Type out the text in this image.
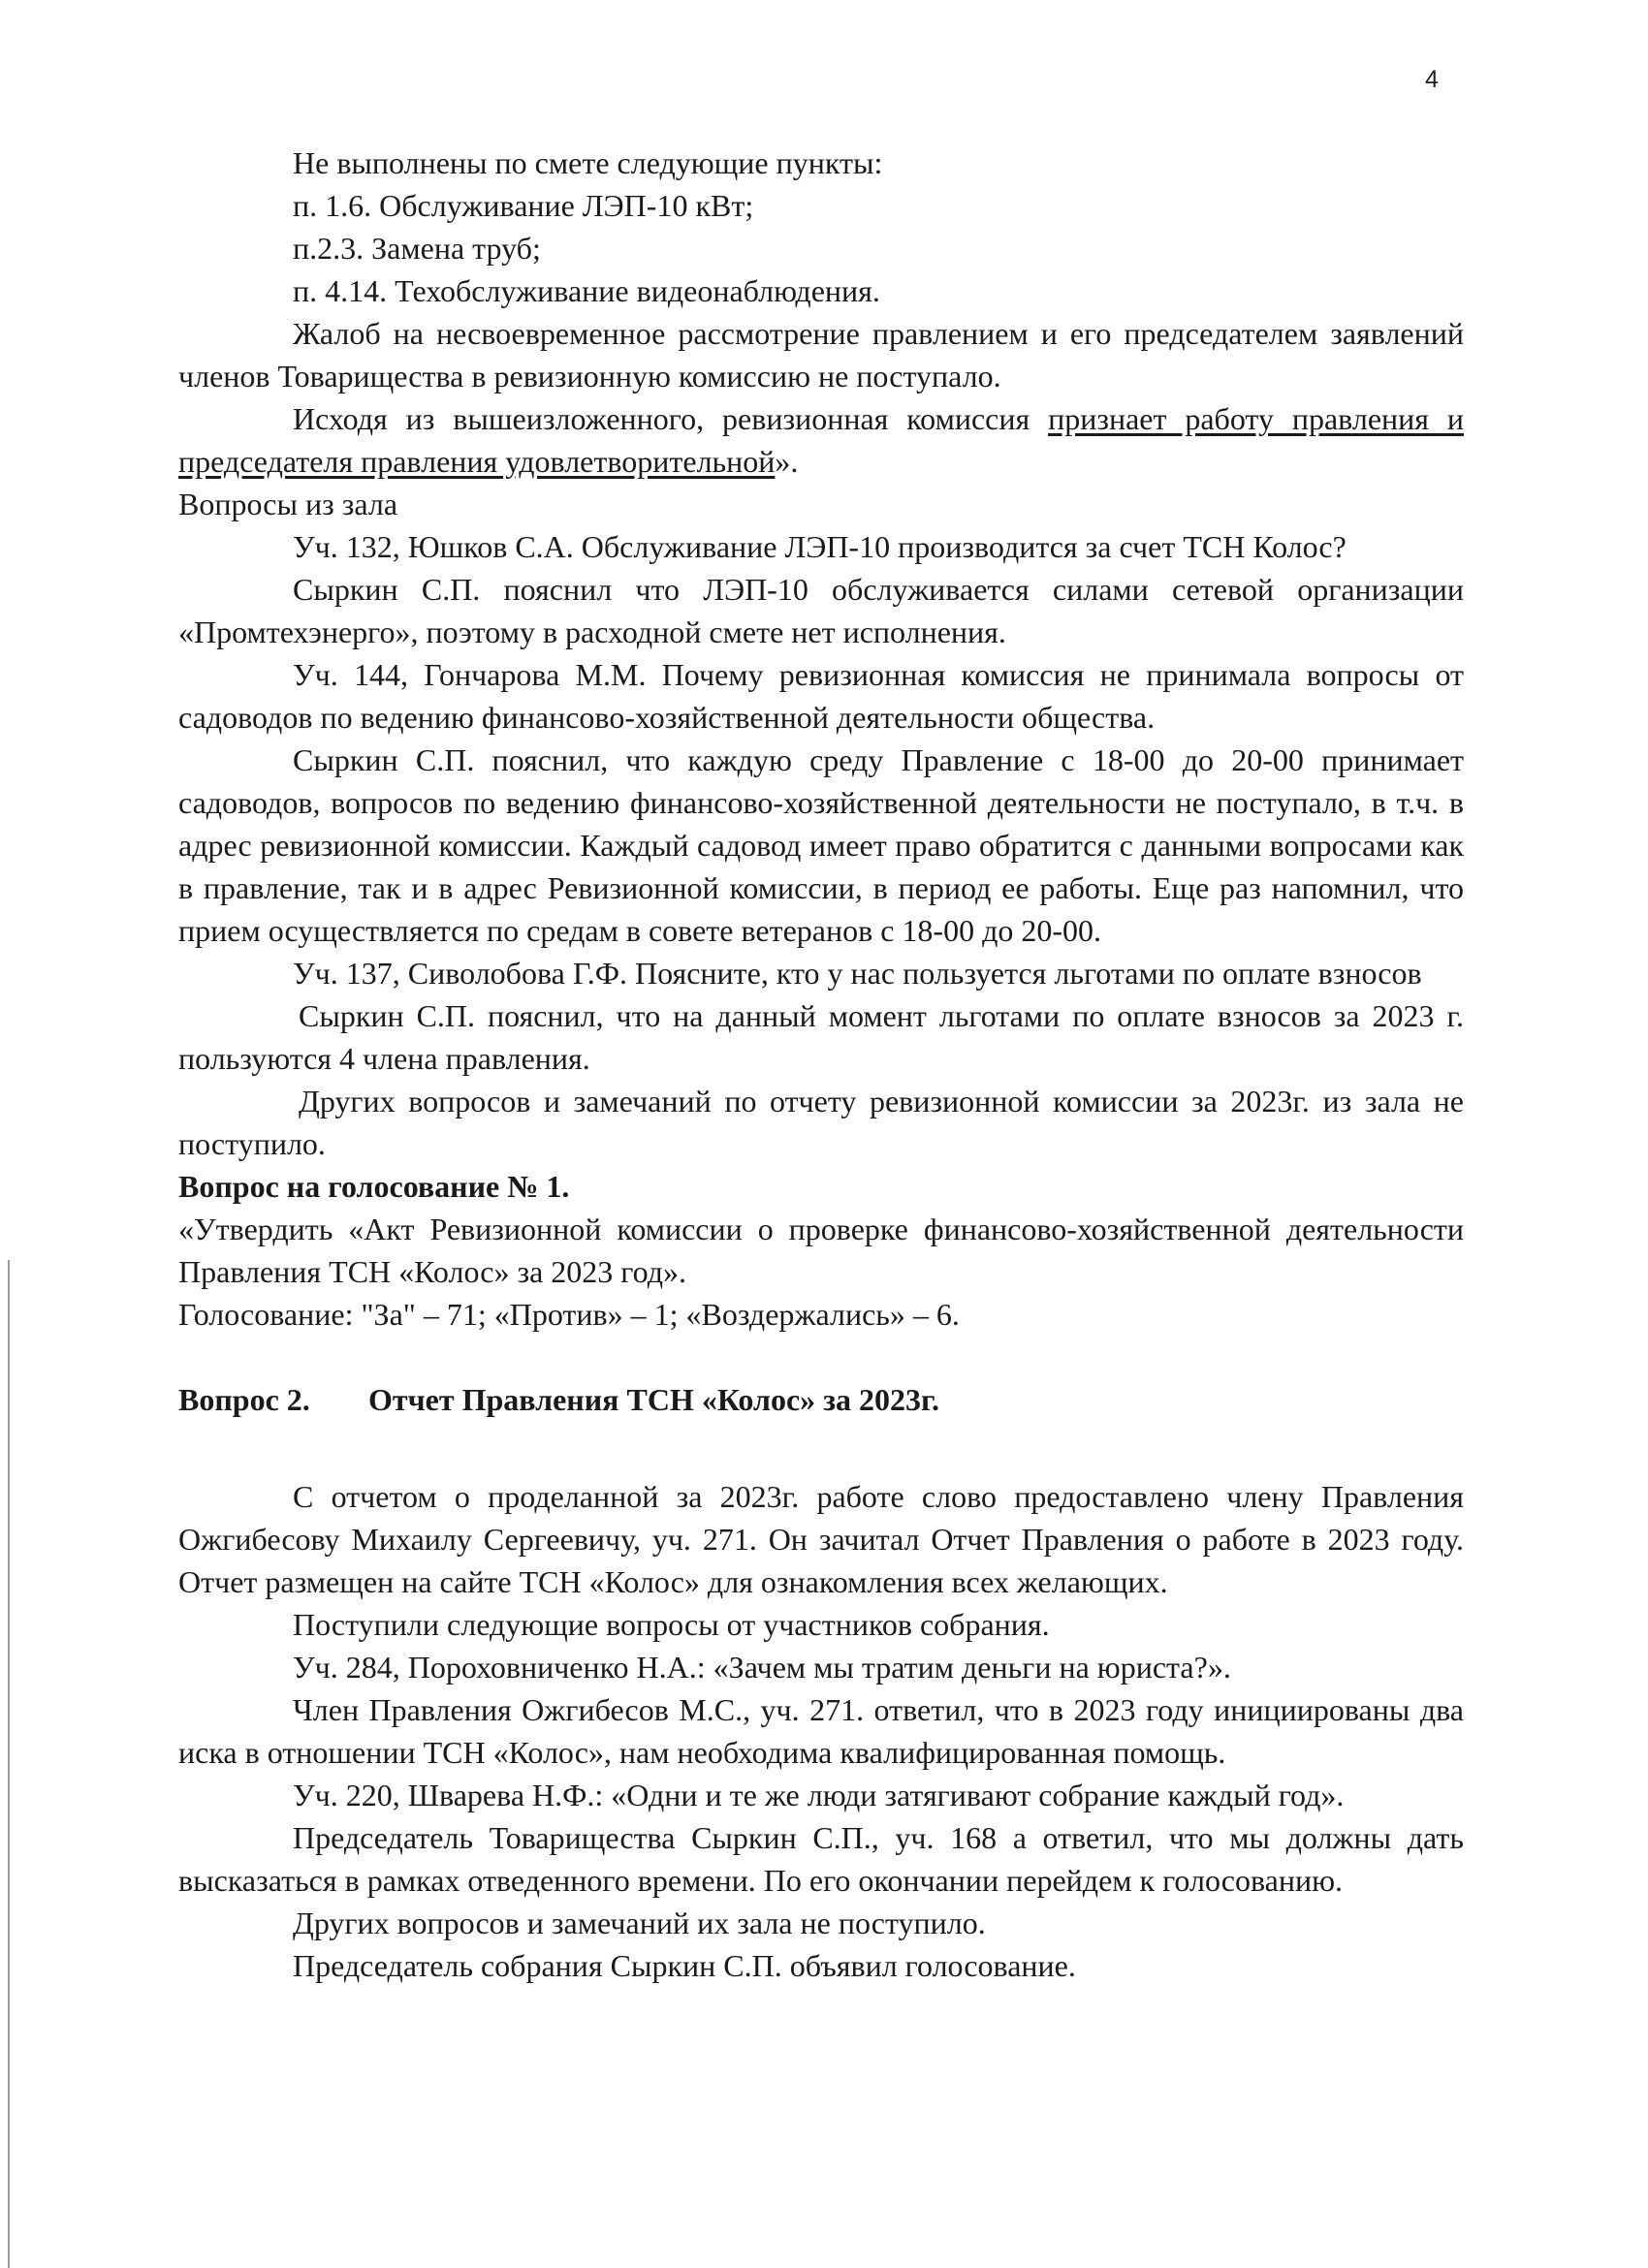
4

Не выполнены по смете следующие пункты:

п. 1.6. Обслуживание ЛЭП-10 кВт;

п.2.3. Замена труб;

п. 4.14. Техобслуживание видеонаблюдения.

Жалоб на несвоевременное рассмотрение правлением и его председателем заявлений членов Товарищества в ревизионную комиссию не поступало.

Исходя из вышеизложенного, ревизионная комиссия признает работу правления и председателя правления удовлетворительной».

Вопросы из зала

Уч. 132, Юшков С.А. Обслуживание ЛЭП-10 производится за счет ТСН Колос?

Сыркин С.П. пояснил что ЛЭП-10 обслуживается силами сетевой организации «Промтехэнерго», поэтому в расходной смете нет исполнения.

Уч. 144, Гончарова М.М. Почему ревизионная комиссия не принимала вопросы от садоводов по ведению финансово-хозяйственной деятельности общества.

Сыркин С.П. пояснил, что каждую среду Правление с 18-00 до 20-00 принимает садоводов, вопросов по ведению финансово-хозяйственной деятельности не поступало, в т.ч. в адрес ревизионной комиссии. Каждый садовод имеет право обратится с данными вопросами как в правление, так и в адрес Ревизионной комиссии, в период ее работы. Еще раз напомнил, что прием осуществляется по средам в совете ветеранов с 18-00 до 20-00.

Уч. 137, Сиволобова Г.Ф. Поясните, кто у нас пользуется льготами по оплате взносов

Сыркин С.П. пояснил, что на данный момент льготами по оплате взносов за 2023 г. пользуются 4 члена правления.

Других вопросов и замечаний по отчету ревизионной комиссии за 2023г. из зала не поступило.

Вопрос на голосование № 1.

«Утвердить «Акт Ревизионной комиссии о проверке финансово-хозяйственной деятельности Правления ТСН «Колос» за 2023 год».

Голосование: "За" – 71; «Против» – 1; «Воздержались» – 6.

Вопрос 2. Отчет Правления ТСН «Колос» за 2023г.

С отчетом о проделанной за 2023г. работе слово предоставлено члену Правления Ожгибесову Михаилу Сергеевичу, уч. 271. Он зачитал Отчет Правления о работе в 2023 году. Отчет размещен на сайте ТСН «Колос» для ознакомления всех желающих.

Поступили следующие вопросы от участников собрания.

Уч. 284, Пороховниченко Н.А.: «Зачем мы тратим деньги на юриста?».

Член Правления Ожгибесов М.С., уч. 271. ответил, что в 2023 году инициированы два иска в отношении ТСН «Колос», нам необходима квалифицированная помощь.

Уч. 220, Шварева Н.Ф.: «Одни и те же люди затягивают собрание каждый год».

Председатель Товарищества Сыркин С.П., уч. 168 а ответил, что мы должны дать высказаться в рамках отведенного времени. По его окончании перейдем к голосованию.

Других вопросов и замечаний их зала не поступило.

Председатель собрания Сыркин С.П. объявил голосование.
